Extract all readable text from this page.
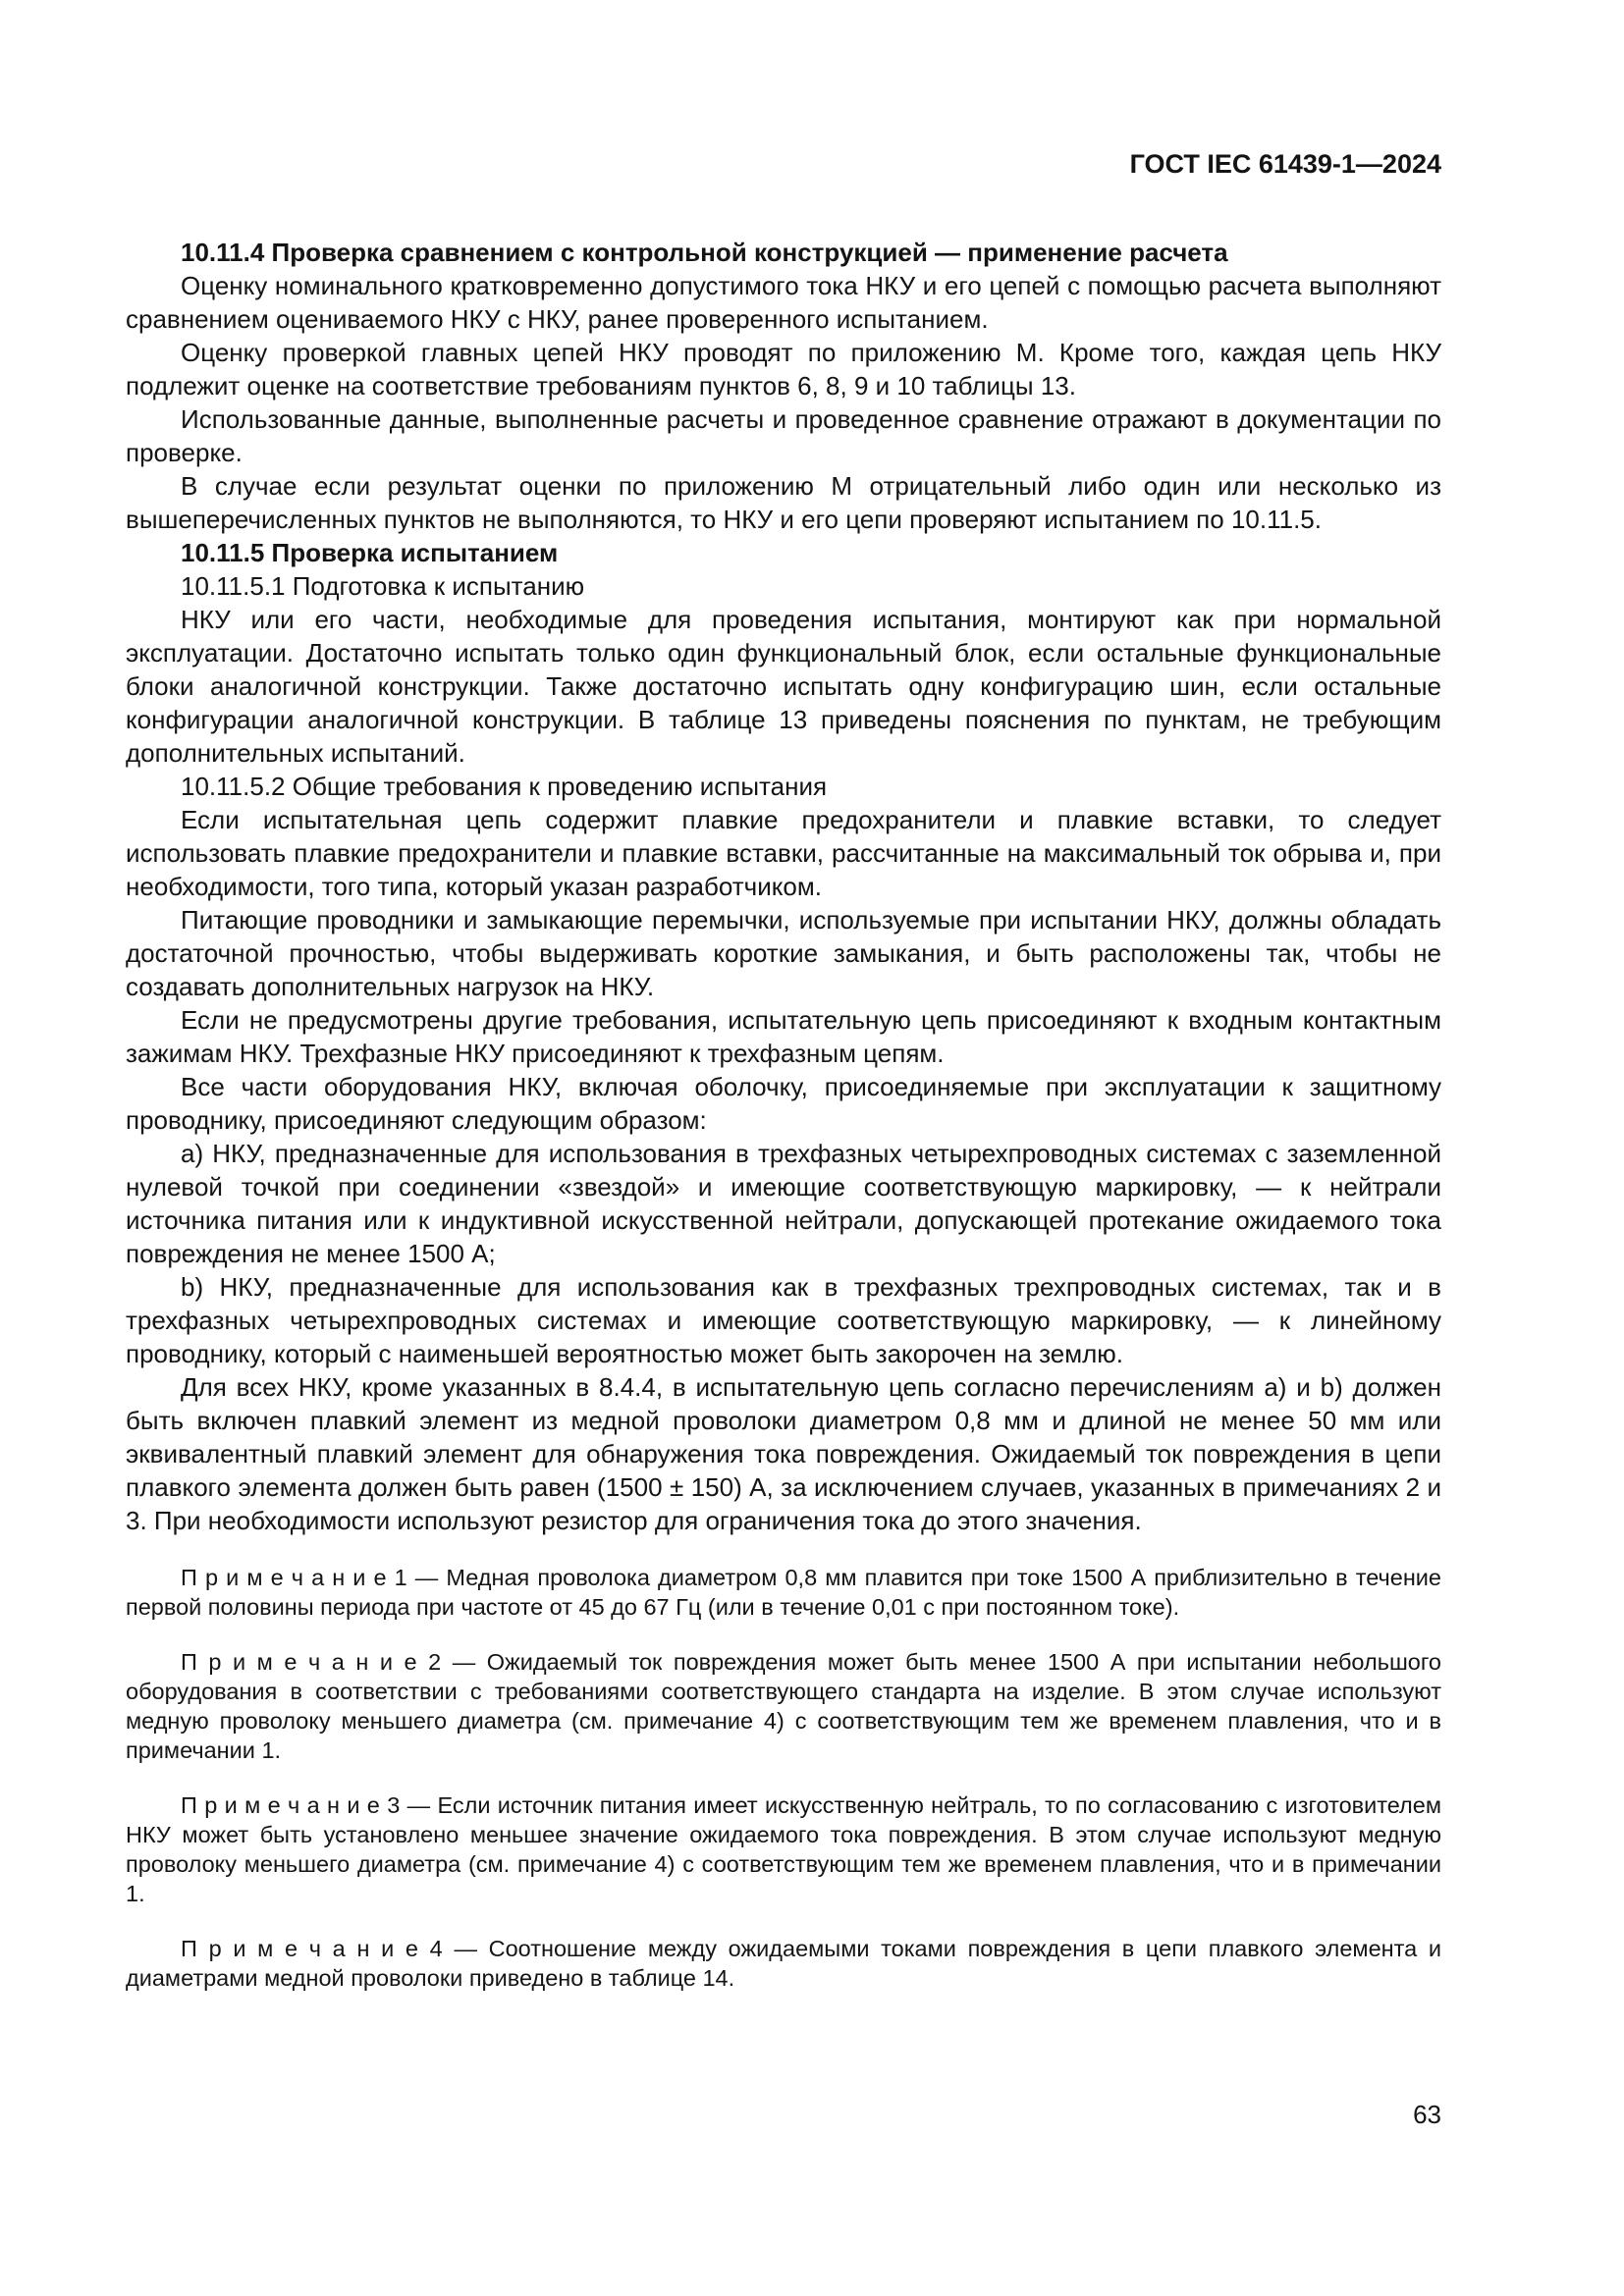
ГОСТ IEC 61439-1—2024

10.11.4 Проверка сравнением с контрольной конструкцией — применение расчета

Оценку номинального кратковременно допустимого тока НКУ и его цепей с помощью расчета выполняют сравнением оцениваемого НКУ с НКУ, ранее проверенного испытанием.

Оценку проверкой главных цепей НКУ проводят по приложению М. Кроме того, каждая цепь НКУ подлежит оценке на соответствие требованиям пунктов 6, 8, 9 и 10 таблицы 13.

Использованные данные, выполненные расчеты и проведенное сравнение отражают в документации по проверке.

В случае если результат оценки по приложению М отрицательный либо один или несколько из вышеперечисленных пунктов не выполняются, то НКУ и его цепи проверяют испытанием по 10.11.5.

10.11.5 Проверка испытанием

10.11.5.1 Подготовка к испытанию

НКУ или его части, необходимые для проведения испытания, монтируют как при нормальной эксплуатации. Достаточно испытать только один функциональный блок, если остальные функциональные блоки аналогичной конструкции. Также достаточно испытать одну конфигурацию шин, если остальные конфигурации аналогичной конструкции. В таблице 13 приведены пояснения по пунктам, не требующим дополнительных испытаний.

10.11.5.2 Общие требования к проведению испытания

Если испытательная цепь содержит плавкие предохранители и плавкие вставки, то следует использовать плавкие предохранители и плавкие вставки, рассчитанные на максимальный ток обрыва и, при необходимости, того типа, который указан разработчиком.

Питающие проводники и замыкающие перемычки, используемые при испытании НКУ, должны обладать достаточной прочностью, чтобы выдерживать короткие замыкания, и быть расположены так, чтобы не создавать дополнительных нагрузок на НКУ.

Если не предусмотрены другие требования, испытательную цепь присоединяют к входным контактным зажимам НКУ. Трехфазные НКУ присоединяют к трехфазным цепям.

Все части оборудования НКУ, включая оболочку, присоединяемые при эксплуатации к защитному проводнику, присоединяют следующим образом:

a) НКУ, предназначенные для использования в трехфазных четырехпроводных системах с заземленной нулевой точкой при соединении «звездой» и имеющие соответствующую маркировку, — к нейтрали источника питания или к индуктивной искусственной нейтрали, допускающей протекание ожидаемого тока повреждения не менее 1500 А;

b) НКУ, предназначенные для использования как в трехфазных трехпроводных системах, так и в трехфазных четырехпроводных системах и имеющие соответствующую маркировку, — к линейному проводнику, который с наименьшей вероятностью может быть закорочен на землю.

Для всех НКУ, кроме указанных в 8.4.4, в испытательную цепь согласно перечислениям a) и b) должен быть включен плавкий элемент из медной проволоки диаметром 0,8 мм и длиной не менее 50 мм или эквивалентный плавкий элемент для обнаружения тока повреждения. Ожидаемый ток повреждения в цепи плавкого элемента должен быть равен (1500 ± 150) А, за исключением случаев, указанных в примечаниях 2 и 3. При необходимости используют резистор для ограничения тока до этого значения.

П р и м е ч а н и е 1 — Медная проволока диаметром 0,8 мм плавится при токе 1500 А приблизительно в течение первой половины периода при частоте от 45 до 67 Гц (или в течение 0,01 с при постоянном токе).

П р и м е ч а н и е 2 — Ожидаемый ток повреждения может быть менее 1500 А при испытании небольшого оборудования в соответствии с требованиями соответствующего стандарта на изделие. В этом случае используют медную проволоку меньшего диаметра (см. примечание 4) с соответствующим тем же временем плавления, что и в примечании 1.

П р и м е ч а н и е 3 — Если источник питания имеет искусственную нейтраль, то по согласованию с изготовителем НКУ может быть установлено меньшее значение ожидаемого тока повреждения. В этом случае используют медную проволоку меньшего диаметра (см. примечание 4) с соответствующим тем же временем плавления, что и в примечании 1.

П р и м е ч а н и е 4 — Соотношение между ожидаемыми токами повреждения в цепи плавкого элемента и диаметрами медной проволоки приведено в таблице 14.

63
